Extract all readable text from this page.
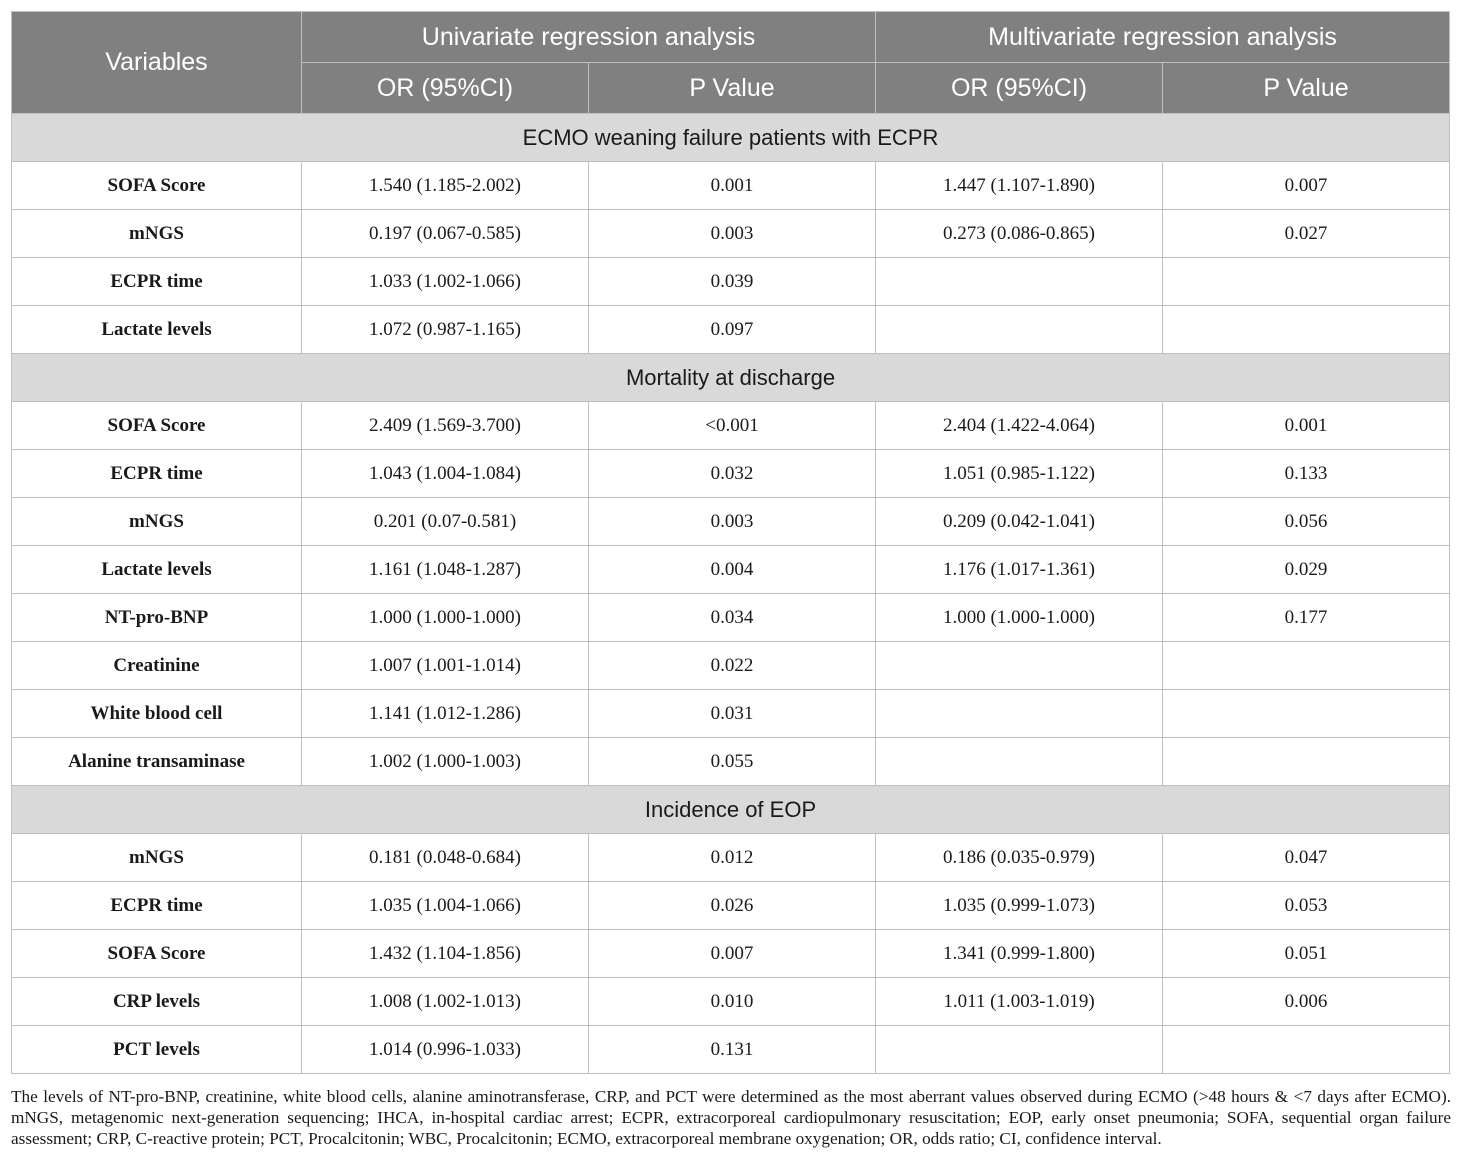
Variables	Univariate regression analysis		Multivariate regression analysis	
	OR (95%CI)	P Value	OR (95%CI)	P Value
ECMO weaning failure patients with ECPR				
SOFA Score	1.540 (1.185-2.002)	0.001	1.447 (1.107-1.890)	0.007
mNGS	0.197 (0.067-0.585)	0.003	0.273 (0.086-0.865)	0.027
ECPR time	1.033 (1.002-1.066)	0.039		
Lactate levels	1.072 (0.987-1.165)	0.097		
Mortality at discharge				
SOFA Score	2.409 (1.569-3.700)	<0.001	2.404 (1.422-4.064)	0.001
ECPR time	1.043 (1.004-1.084)	0.032	1.051 (0.985-1.122)	0.133
mNGS	0.201 (0.07-0.581)	0.003	0.209 (0.042-1.041)	0.056
Lactate levels	1.161 (1.048-1.287)	0.004	1.176 (1.017-1.361)	0.029
NT-pro-BNP	1.000 (1.000-1.000)	0.034	1.000 (1.000-1.000)	0.177
Creatinine	1.007 (1.001-1.014)	0.022		
White blood cell	1.141 (1.012-1.286)	0.031		
Alanine transaminase	1.002 (1.000-1.003)	0.055		
Incidence of EOP				
mNGS	0.181 (0.048-0.684)	0.012	0.186 (0.035-0.979)	0.047
ECPR time	1.035 (1.004-1.066)	0.026	1.035 (0.999-1.073)	0.053
SOFA Score	1.432 (1.104-1.856)	0.007	1.341 (0.999-1.800)	0.051
CRP levels	1.008 (1.002-1.013)	0.010	1.011 (1.003-1.019)	0.006
PCT levels	1.014 (0.996-1.033)	0.131		
The levels of NT-pro-BNP, creatinine, white blood cells, alanine aminotransferase, CRP, and PCT were determined as the most aberrant values observed during ECMO (>48 hours & <7 days after ECMO). mNGS, metagenomic next-generation sequencing; IHCA, in-hospital cardiac arrest; ECPR, extracorporeal cardiopulmonary resuscitation; EOP, early onset pneumonia; SOFA, sequential organ failure assessment; CRP, C-reactive protein; PCT, Procalcitonin; WBC, Procalcitonin; ECMO, extracorporeal membrane oxygenation; OR, odds ratio; CI, confidence interval.
